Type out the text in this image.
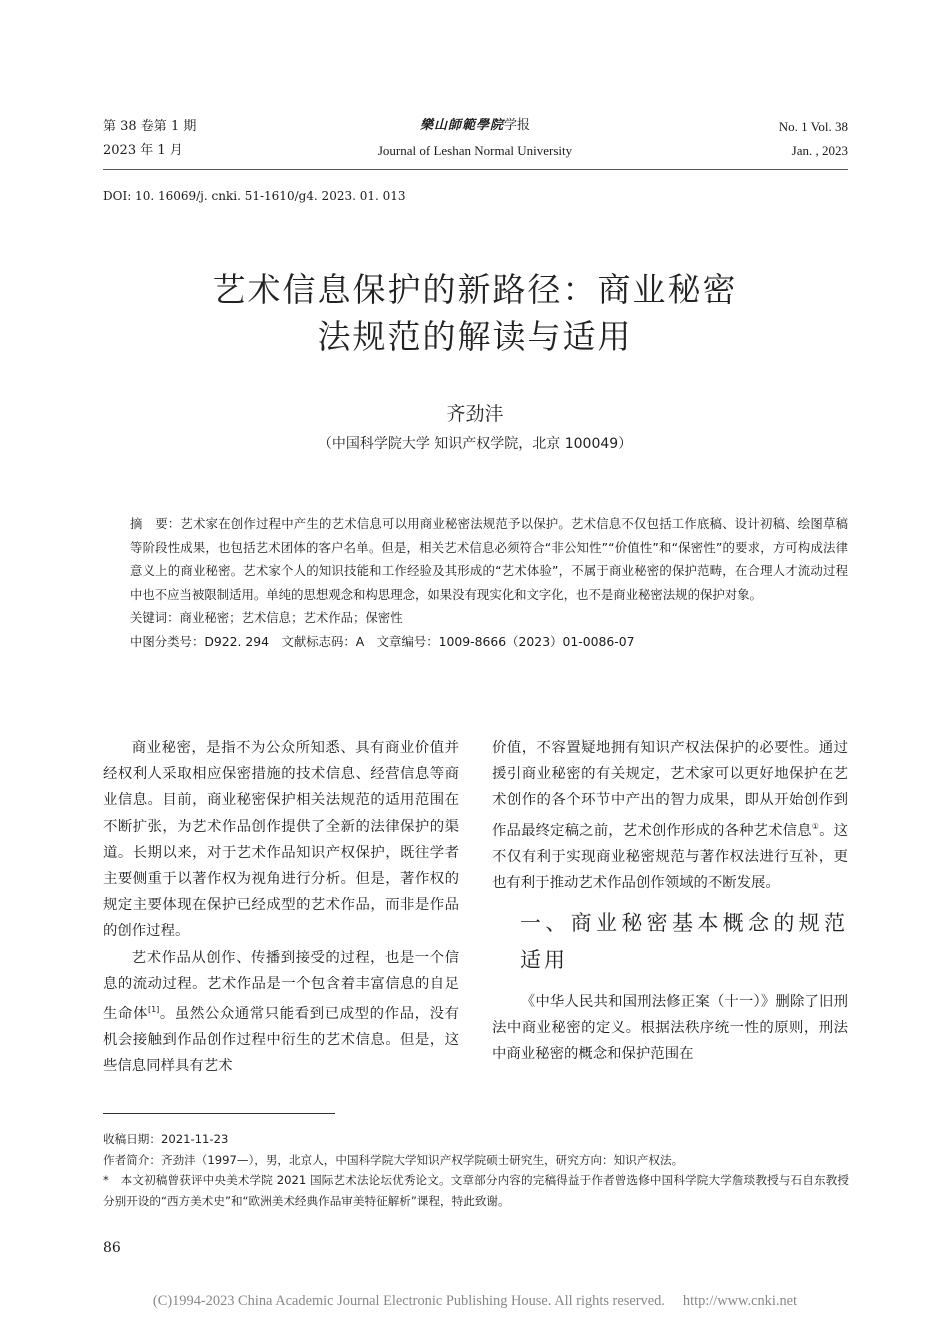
第 38 卷第 1 期
2023 年 1 月
樂山師範學院学报
Journal of Leshan Normal University
No. 1 Vol. 38
Jan. , 2023
DOI: 10. 16069/j. cnki. 51-1610/g4. 2023. 01. 013
艺术信息保护的新路径：商业秘密
法规范的解读与适用
齐劲沣
（中国科学院大学 知识产权学院，北京 100049）

摘　要：艺术家在创作过程中产生的艺术信息可以用商业秘密法规范予以保护。艺术信息不仅包括工作底稿、设计初稿、绘图草稿等阶段性成果，也包括艺术团体的客户名单。但是，相关艺术信息必须符合“非公知性”“价值性”和“保密性”的要求，方可构成法律意义上的商业秘密。艺术家个人的知识技能和工作经验及其形成的“艺术体验”，不属于商业秘密的保护范畴，在合理人才流动过程中也不应当被限制适用。单纯的思想观念和构思理念，如果没有现实化和文字化，也不是商业秘密法规的保护对象。

关键词：商业秘密；艺术信息；艺术作品；保密性
中图分类号：D922. 294　文献标志码：A　文章编号：1009-8666（2023）01-0086-07

商业秘密，是指不为公众所知悉、具有商业价值并经权利人采取相应保密措施的技术信息、经营信息等商业信息。目前，商业秘密保护相关法规范的适用范围在不断扩张，为艺术作品创作提供了全新的法律保护的渠道。长期以来，对于艺术作品知识产权保护，既往学者主要侧重于以著作权为视角进行分析。但是，著作权的规定主要体现在保护已经成型的艺术作品，而非是作品的创作过程。

艺术作品从创作、传播到接受的过程，也是一个信息的流动过程。艺术作品是一个包含着丰富信息的自足生命体[1]。虽然公众通常只能看到已成型的作品，没有机会接触到作品创作过程中衍生的艺术信息。但是，这些信息同样具有艺术

价值，不容置疑地拥有知识产权法保护的必要性。通过援引商业秘密的有关规定，艺术家可以更好地保护在艺术创作的各个环节中产出的智力成果，即从开始创作到作品最终定稿之前，艺术创作形成的各种艺术信息①。这不仅有利于实现商业秘密规范与著作权法进行互补，更也有利于推动艺术作品创作领域的不断发展。

一、商业秘密基本概念的规范适用

《中华人民共和国刑法修正案（十一）》删除了旧刑法中商业秘密的定义。根据法秩序统一性的原则，刑法中商业秘密的概念和保护范围在

收稿日期：2021-11-23
作者简介：齐劲沣（1997—），男，北京人，中国科学院大学知识产权学院硕士研究生，研究方向：知识产权法。
*　本文初稿曾获评中央美术学院 2021 国际艺术法论坛优秀论文。文章部分内容的完稿得益于作者曾选修中国科学院大学詹琰教授与石自东教授分别开设的“西方美术史”和“欧洲美术经典作品审美特征解析”课程，特此致谢。
86
(C)1994-2023 China Academic Journal Electronic Publishing House. All rights reserved.　 http://www.cnki.net
